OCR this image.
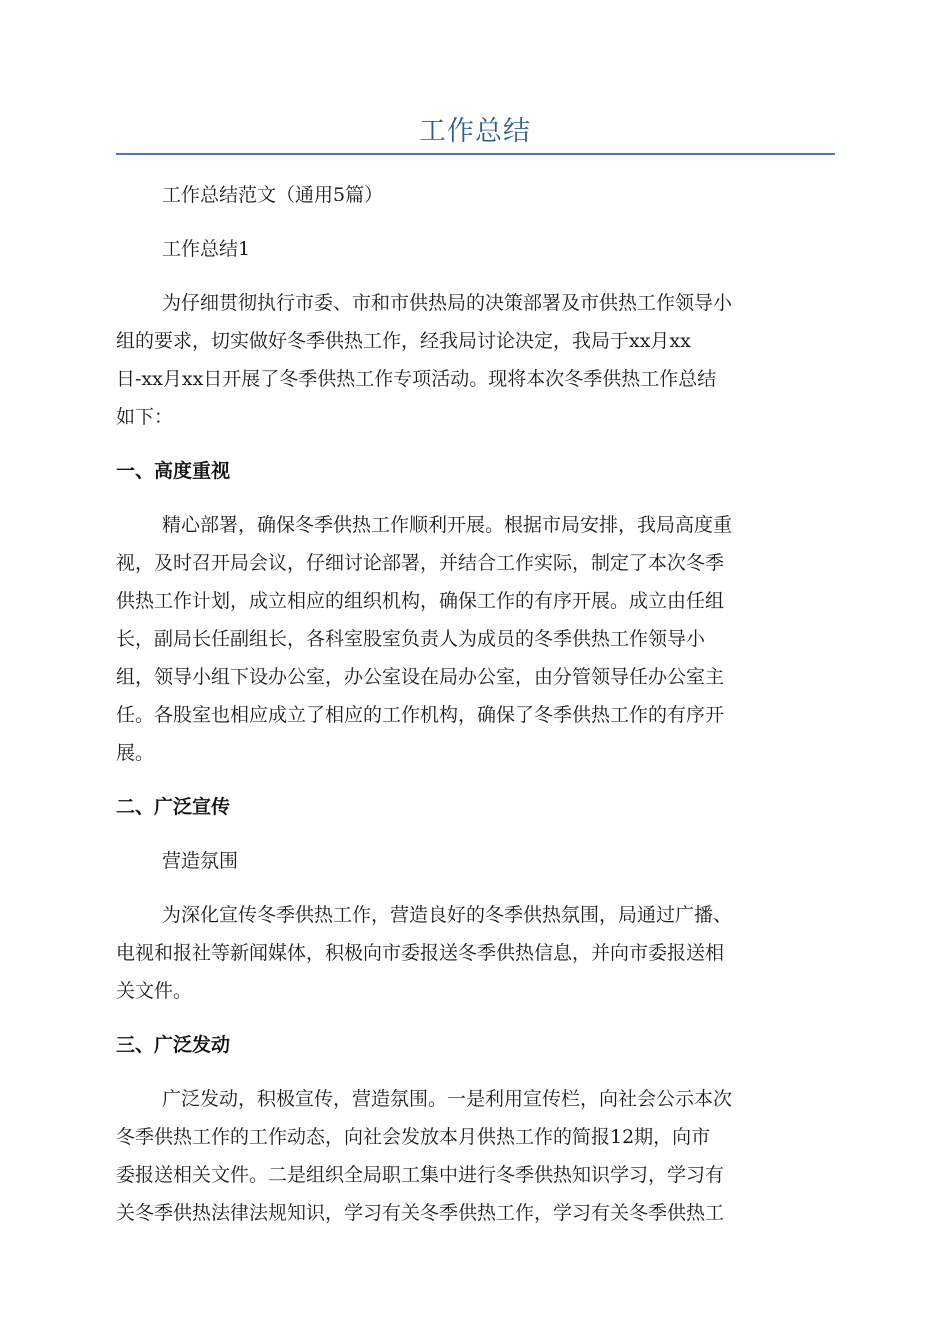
工作总结
工作总结范文（通用5篇）
工作总结1
为仔细贯彻执行市委、市和市供热局的决策部署及市供热工作领导小
组的要求，切实做好冬季供热工作，经我局讨论决定，我局于xx月xx
日-xx月xx日开展了冬季供热工作专项活动。现将本次冬季供热工作总结
如下：
一、高度重视
精心部署，确保冬季供热工作顺利开展。根据市局安排，我局高度重
视，及时召开局会议，仔细讨论部署，并结合工作实际，制定了本次冬季
供热工作计划，成立相应的组织机构，确保工作的有序开展。成立由任组
长，副局长任副组长，各科室股室负责人为成员的冬季供热工作领导小
组，领导小组下设办公室，办公室设在局办公室，由分管领导任办公室主
任。各股室也相应成立了相应的工作机构，确保了冬季供热工作的有序开
展。
二、广泛宣传
营造氛围
为深化宣传冬季供热工作，营造良好的冬季供热氛围，局通过广播、
电视和报社等新闻媒体，积极向市委报送冬季供热信息，并向市委报送相
关文件。
三、广泛发动
广泛发动，积极宣传，营造氛围。一是利用宣传栏，向社会公示本次
冬季供热工作的工作动态，向社会发放本月供热工作的简报12期，向市
委报送相关文件。二是组织全局职工集中进行冬季供热知识学习，学习有
关冬季供热法律法规知识，学习有关冬季供热工作，学习有关冬季供热工
